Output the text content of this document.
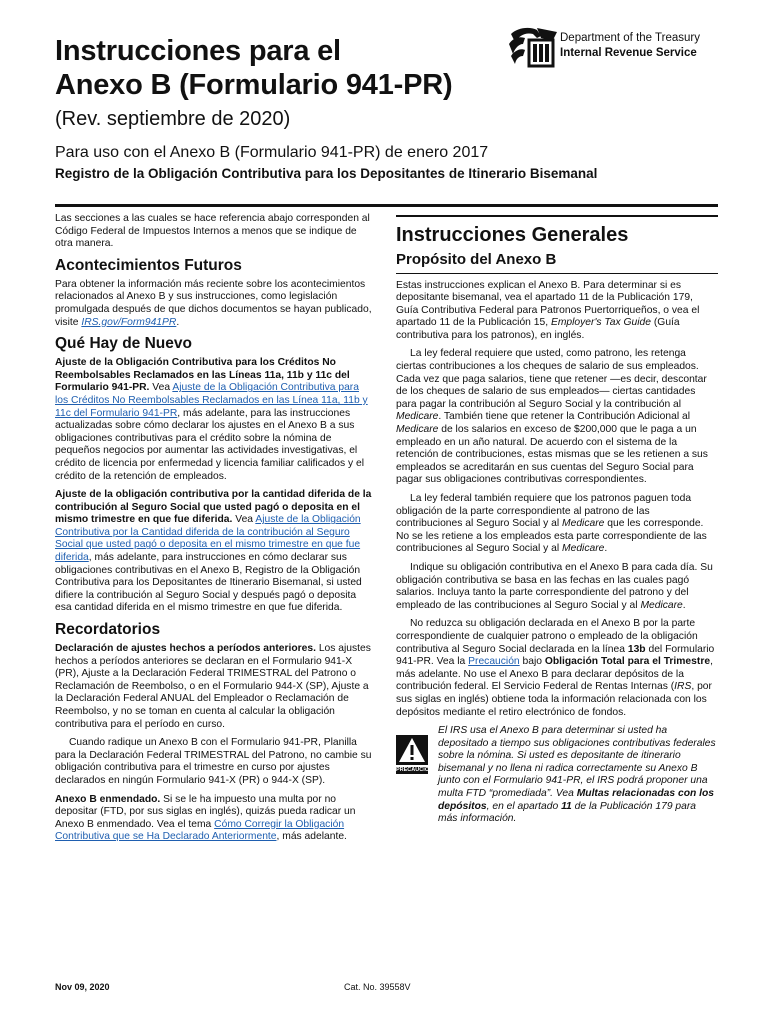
Instrucciones para el
Anexo B (Formulario 941-PR)
(Rev. septiembre de 2020)
Para uso con el Anexo B (Formulario 941-PR) de enero 2017
Registro de la Obligación Contributiva para los Depositantes de Itinerario Bisemanal
Department of the Treasury
Internal Revenue Service

Las secciones a las cuales se hace referencia abajo corresponden al Código Federal de Impuestos Internos a menos que se indique de otra manera.

Acontecimientos Futuros

Para obtener la información más reciente sobre los acontecimientos relacionados al Anexo B y sus instrucciones, como legislación promulgada después de que dichos documentos se hayan publicado, visite IRS.gov/Form941PR.

Qué Hay de Nuevo

Ajuste de la Obligación Contributiva para los Créditos No Reembolsables Reclamados en las Líneas 11a, 11b y 11c del Formulario 941-PR. Vea Ajuste de la Obligación Contributiva para los Créditos No Reembolsables Reclamados en las Línea 11a, 11b y 11c del Formulario 941-PR, más adelante, para las instrucciones actualizadas sobre cómo declarar los ajustes en el Anexo B a sus obligaciones contributivas para el crédito sobre la nómina de pequeños negocios por aumentar las actividades investigativas, el crédito de licencia por enfermedad y licencia familiar calificados y el crédito de la retención de empleados.

Ajuste de la obligación contributiva por la cantidad diferida de la contribución al Seguro Social que usted pagó o deposita en el mismo trimestre en que fue diferida. Vea Ajuste de la Obligación Contributiva por la Cantidad diferida de la contribución al Seguro Social que usted pagó o deposita en el mismo trimestre en que fue diferida, más adelante, para instrucciones en cómo declarar sus obligaciones contributivas en el Anexo B, Registro de la Obligación Contributiva para los Depositantes de Itinerario Bisemanal, si usted difiere la contribución al Seguro Social y después pagó o deposita esa cantidad diferida en el mismo trimestre en que fue diferida.

Recordatorios

Declaración de ajustes hechos a períodos anteriores. Los ajustes hechos a períodos anteriores se declaran en el Formulario 941-X (PR), Ajuste a la Declaración Federal TRIMESTRAL del Patrono o Reclamación de Reembolso, o en el Formulario 944-X (SP), Ajuste a la Declaración Federal ANUAL del Empleador o Reclamación de Reembolso, y no se toman en cuenta al calcular la obligación contributiva para el período en curso.

Cuando radique un Anexo B con el Formulario 941-PR, Planilla para la Declaración Federal TRIMESTRAL del Patrono, no cambie su obligación contributiva para el trimestre en curso por ajustes declarados en ningún Formulario 941-X (PR) o 944-X (SP).

Anexo B enmendado. Si se le ha impuesto una multa por no depositar (FTD, por sus siglas en inglés), quizás pueda radicar un Anexo B enmendado. Vea el tema Cómo Corregir la Obligación Contributiva que se Ha Declarado Anteriormente, más adelante.

Instrucciones Generales
Propósito del Anexo B

Estas instrucciones explican el Anexo B. Para determinar si es depositante bisemanal, vea el apartado 11 de la Publicación 179, Guía Contributiva Federal para Patronos Puertorriqueños, o vea el apartado 11 de la Publicación 15, Employer's Tax Guide (Guía contributiva para los patronos), en inglés.

La ley federal requiere que usted, como patrono, les retenga ciertas contribuciones a los cheques de salario de sus empleados. Cada vez que paga salarios, tiene que retener —es decir, descontar de los cheques de salario de sus empleados— ciertas cantidades para pagar la contribución al Seguro Social y la contribución al Medicare. También tiene que retener la Contribución Adicional al Medicare de los salarios en exceso de $200,000 que le paga a un empleado en un año natural. De acuerdo con el sistema de la retención de contribuciones, estas mismas que se les retienen a sus empleados se acreditarán en sus cuentas del Seguro Social para pagar sus obligaciones contributivas correspondientes.

La ley federal también requiere que los patronos paguen toda obligación de la parte correspondiente al patrono de las contribuciones al Seguro Social y al Medicare que les corresponde. No se les retiene a los empleados esta parte correspondiente de las contribuciones al Seguro Social y al Medicare.

Indique su obligación contributiva en el Anexo B para cada día. Su obligación contributiva se basa en las fechas en las cuales pagó salarios. Incluya tanto la parte correspondiente del patrono y del empleado de las contribuciones al Seguro Social y al Medicare.

No reduzca su obligación declarada en el Anexo B por la parte correspondiente de cualquier patrono o empleado de la obligación contributiva al Seguro Social declarada en la línea 13b del Formulario 941-PR. Vea la Precaución bajo Obligación Total para el Trimestre, más adelante. No use el Anexo B para declarar depósitos de la contribución federal. El Servicio Federal de Rentas Internas (IRS, por sus siglas en inglés) obtiene toda la información relacionada con los depósitos mediante el retiro electrónico de fondos.

PRECAUCIÓN
El IRS usa el Anexo B para determinar si usted ha depositado a tiempo sus obligaciones contributivas federales sobre la nómina. Si usted es depositante de itinerario bisemanal y no llena ni radica correctamente su Anexo B junto con el Formulario 941-PR, el IRS podrá proponer una multa FTD “promediada”. Vea Multas relacionadas con los depósitos, en el apartado 11 de la Publicación 179 para más información.
Nov 09, 2020	Cat. No. 39558V
